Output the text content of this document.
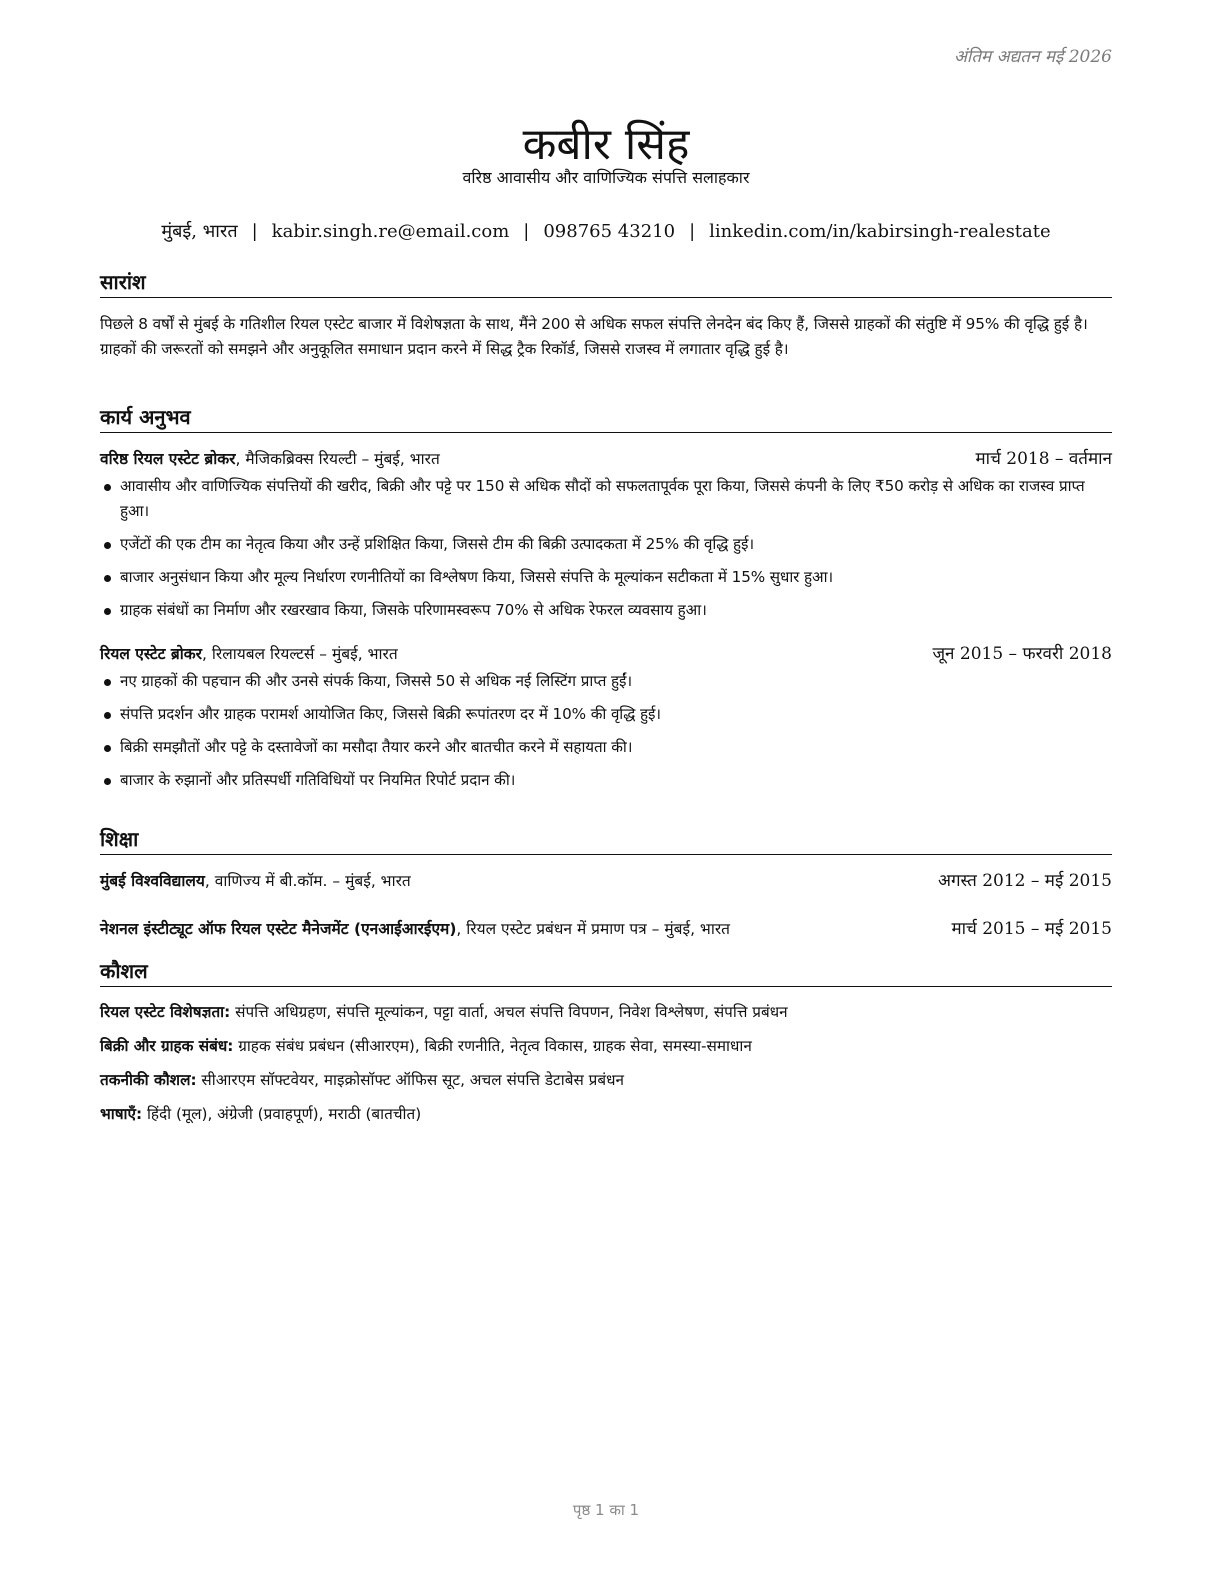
अंतिम अद्यतन मई 2026
कबीर सिंह
वरिष्ठ आवासीय और वाणिज्यिक संपत्ति सलाहकार
मुंबई, भारत | kabir.singh.re@email.com | 098765 43210 | linkedin.com/in/kabirsingh-realestate
सारांश
पिछले 8 वर्षों से मुंबई के गतिशील रियल एस्टेट बाजार में विशेषज्ञता के साथ, मैंने 200 से अधिक सफल संपत्ति लेनदेन बंद किए हैं, जिससे ग्राहकों की संतुष्टि में 95% की वृद्धि हुई है। ग्राहकों की जरूरतों को समझने और अनुकूलित समाधान प्रदान करने में सिद्ध ट्रैक रिकॉर्ड, जिससे राजस्व में लगातार वृद्धि हुई है।
कार्य अनुभव
वरिष्ठ रियल एस्टेट ब्रोकर, मैजिकब्रिक्स रियल्टी – मुंबई, भारत	मार्च 2018 – वर्तमान
आवासीय और वाणिज्यिक संपत्तियों की खरीद, बिक्री और पट्टे पर 150 से अधिक सौदों को सफलतापूर्वक पूरा किया, जिससे कंपनी के लिए ₹50 करोड़ से अधिक का राजस्व प्राप्त हुआ।
एजेंटों की एक टीम का नेतृत्व किया और उन्हें प्रशिक्षित किया, जिससे टीम की बिक्री उत्पादकता में 25% की वृद्धि हुई।
बाजार अनुसंधान किया और मूल्य निर्धारण रणनीतियों का विश्लेषण किया, जिससे संपत्ति के मूल्यांकन सटीकता में 15% सुधार हुआ।
ग्राहक संबंधों का निर्माण और रखरखाव किया, जिसके परिणामस्वरूप 70% से अधिक रेफरल व्यवसाय हुआ।
रियल एस्टेट ब्रोकर, रिलायबल रियल्टर्स – मुंबई, भारत	जून 2015 – फरवरी 2018
नए ग्राहकों की पहचान की और उनसे संपर्क किया, जिससे 50 से अधिक नई लिस्टिंग प्राप्त हुईं।
संपत्ति प्रदर्शन और ग्राहक परामर्श आयोजित किए, जिससे बिक्री रूपांतरण दर में 10% की वृद्धि हुई।
बिक्री समझौतों और पट्टे के दस्तावेजों का मसौदा तैयार करने और बातचीत करने में सहायता की।
बाजार के रुझानों और प्रतिस्पर्धी गतिविधियों पर नियमित रिपोर्ट प्रदान की।
शिक्षा
मुंबई विश्वविद्यालय, वाणिज्य में बी.कॉम. – मुंबई, भारत	अगस्त 2012 – मई 2015
नेशनल इंस्टीट्यूट ऑफ रियल एस्टेट मैनेजमेंट (एनआईआरईएम), रियल एस्टेट प्रबंधन में प्रमाण पत्र – मुंबई, भारत	मार्च 2015 – मई 2015
कौशल
रियल एस्टेट विशेषज्ञता: संपत्ति अधिग्रहण, संपत्ति मूल्यांकन, पट्टा वार्ता, अचल संपत्ति विपणन, निवेश विश्लेषण, संपत्ति प्रबंधन
बिक्री और ग्राहक संबंध: ग्राहक संबंध प्रबंधन (सीआरएम), बिक्री रणनीति, नेतृत्व विकास, ग्राहक सेवा, समस्या-समाधान
तकनीकी कौशल: सीआरएम सॉफ्टवेयर, माइक्रोसॉफ्ट ऑफिस सूट, अचल संपत्ति डेटाबेस प्रबंधन
भाषाएँ: हिंदी (मूल), अंग्रेजी (प्रवाहपूर्ण), मराठी (बातचीत)
पृष्ठ 1 का 1
